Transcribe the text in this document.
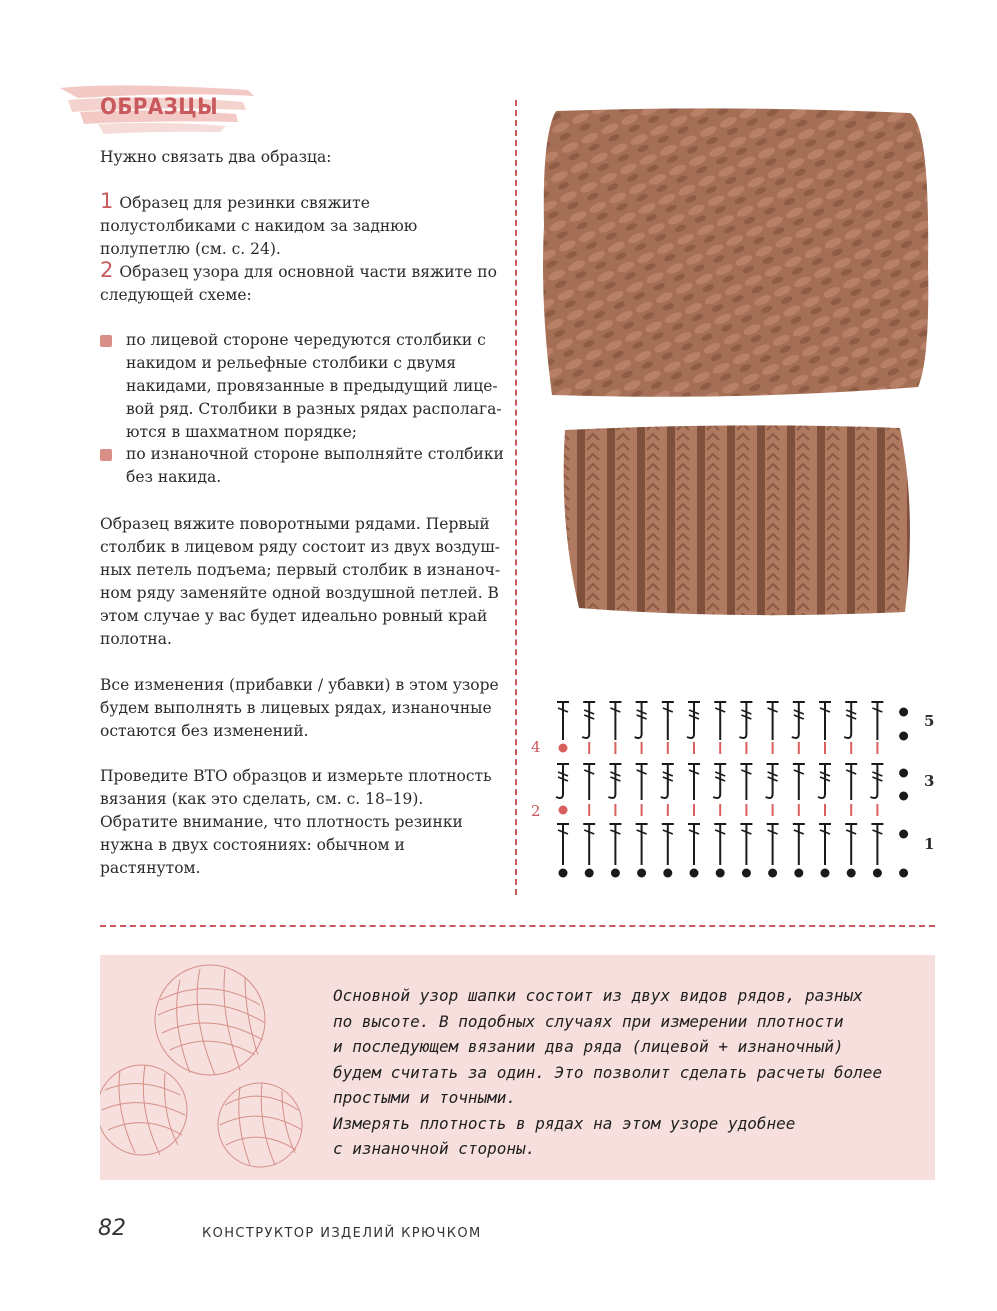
ОБРАЗЦЫ
Нужно связать два образца:
1 Образец для резинки свяжите полустолбиками с накидом за заднюю полупетлю (см. с. 24).
2 Образец узора для основной части вяжите по следующей схеме:
по лицевой стороне чередуются столбики с накидом и рельефные столбики с двумя накидами, провязанные в предыдущий лице- вой ряд. Столбики в разных рядах располага- ются в шахматном порядке;
по изнаночной стороне выполняйте столбики без накида.
Образец вяжите поворотными рядами. Первый столбик в лицевом ряду состоит из двух воздуш- ных петель подъема; первый столбик в изнаноч- ном ряду заменяйте одной воздушной петлей. В этом случае у вас будет идеально ровный край полотна.
Все изменения (прибавки / убавки) в этом узоре будем выполнять в лицевых рядах, изнаночные остаются без изменений.
Проведите ВТО образцов и измерьте плотность вязания (как это сделать, см. с. 18–19). Обратите внимание, что плотность резинки нужна в двух состояниях: обычном и растянутом.
5
3
1
4
2
Основной узор шапки состоит из двух видов рядов, разных
по высоте. В подобных случаях при измерении плотности
и последующем вязании два ряда (лицевой + изнаночный)
будем считать за один. Это позволит сделать расчеты более
простыми и точными.
Измерять плотность в рядах на этом узоре удобнее
с изнаночной стороны.
82	КОНСТРУКТОР ИЗДЕЛИЙ КРЮЧКОМ
